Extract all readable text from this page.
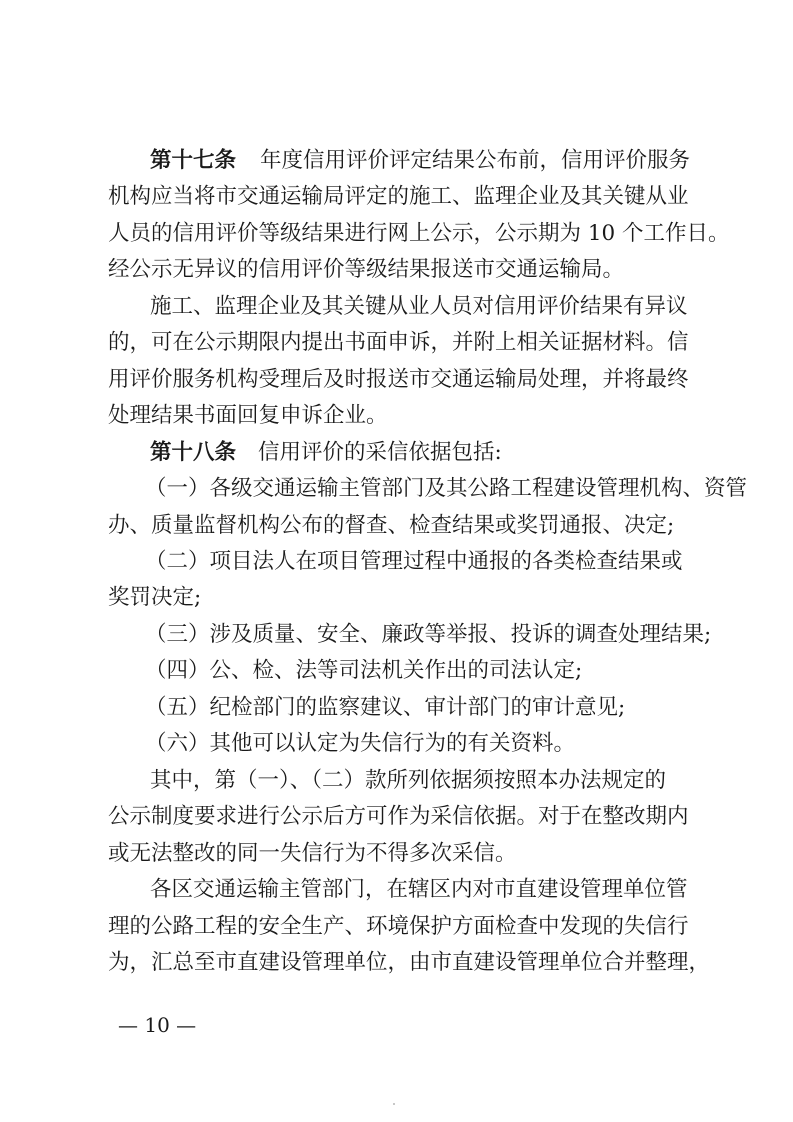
第十七条 年度信用评价评定结果公布前，信用评价服务
机构应当将市交通运输局评定的施工、监理企业及其关键从业
人员的信用评价等级结果进行网上公示，公示期为 10 个工作日。
经公示无异议的信用评价等级结果报送市交通运输局。
施工、监理企业及其关键从业人员对信用评价结果有异议
的，可在公示期限内提出书面申诉，并附上相关证据材料。信
用评价服务机构受理后及时报送市交通运输局处理，并将最终
处理结果书面回复申诉企业。
第十八条 信用评价的采信依据包括:
（一）各级交通运输主管部门及其公路工程建设管理机构、资管
办、质量监督机构公布的督查、检查结果或奖罚通报、决定;
（二）项目法人在项目管理过程中通报的各类检查结果或
奖罚决定;
（三）涉及质量、安全、廉政等举报、投诉的调查处理结果;
（四）公、检、法等司法机关作出的司法认定;
（五）纪检部门的监察建议、审计部门的审计意见;
（六）其他可以认定为失信行为的有关资料。
其中，第（一）、（二）款所列依据须按照本办法规定的
公示制度要求进行公示后方可作为采信依据。对于在整改期内
或无法整改的同一失信行为不得多次采信。
各区交通运输主管部门，在辖区内对市直建设管理单位管
理的公路工程的安全生产、环境保护方面检查中发现的失信行
为，汇总至市直建设管理单位，由市直建设管理单位合并整理，
— 10 —
